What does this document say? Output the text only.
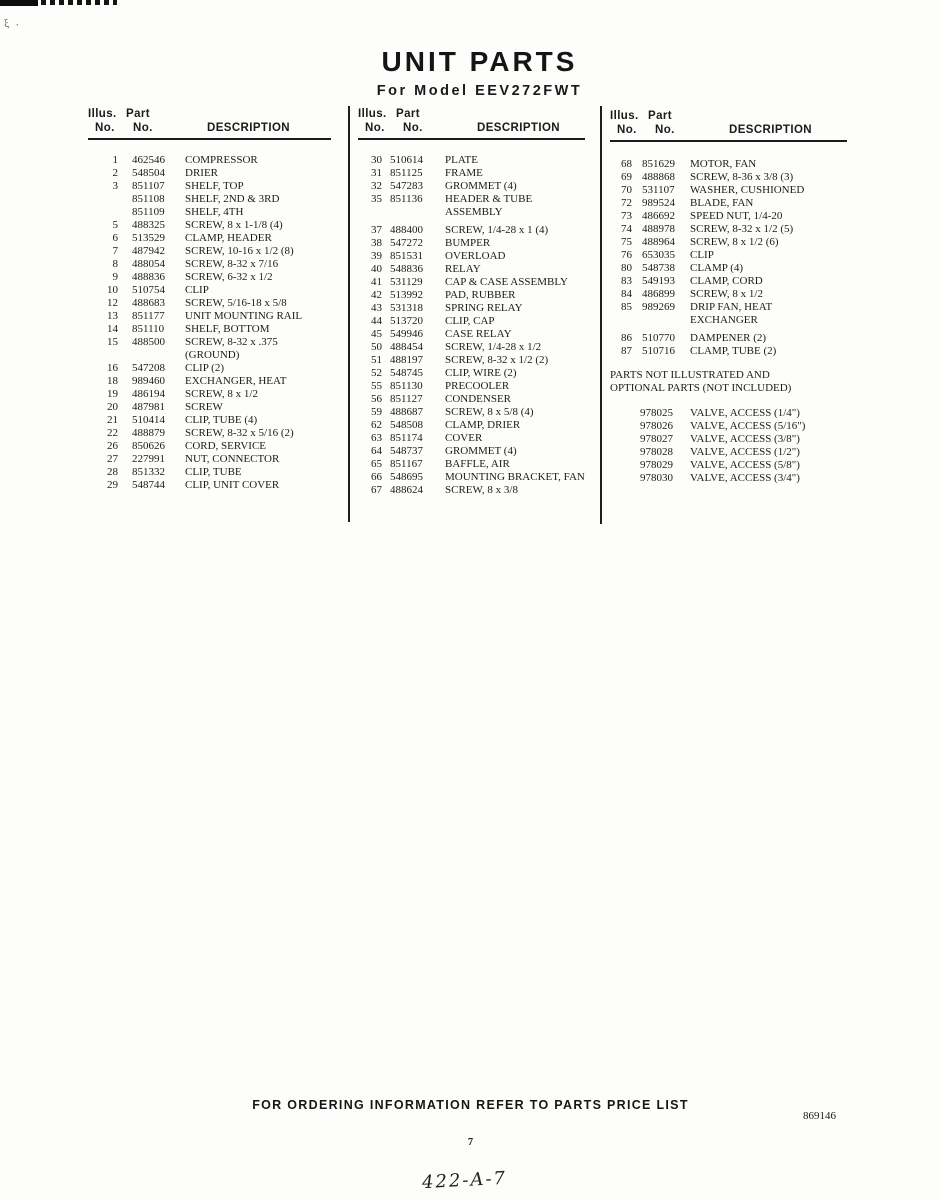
ξ .
UNIT PARTS
For Model EEV272FWT
Illus. Part
No.	No.	DESCRIPTION
1 462546	COMPRESSOR
2 548504	DRIER
3 851107	SHELF, TOP
851108	SHELF, 2ND & 3RD
851109	SHELF, 4TH
5 488325	SCREW, 8 x 1-1/8 (4)
6 513529	CLAMP, HEADER
7 487942	SCREW, 10-16 x 1/2 (8)
8 488054	SCREW, 8-32 x 7/16
9 488836	SCREW, 6-32 x 1/2
10 510754	CLIP
12 488683	SCREW, 5/16-18 x 5/8
13 851177	UNIT MOUNTING RAIL
14 851110	SHELF, BOTTOM
15 488500	SCREW, 8-32 x .375
(GROUND)
16 547208	CLIP (2)
18 989460	EXCHANGER, HEAT
19 486194	SCREW, 8 x 1/2
20 487981	SCREW
21 510414	CLIP, TUBE (4)
22 488879	SCREW, 8-32 x 5/16 (2)
26 850626	CORD, SERVICE
27 227991	NUT, CONNECTOR
28 851332	CLIP, TUBE
29 548744	CLIP, UNIT COVER
Illus. Part
No.	No.	DESCRIPTION
30 510614	PLATE
31 851125	FRAME
32 547283	GROMMET (4)
35 851136	HEADER & TUBE
ASSEMBLY
37 488400	SCREW, 1/4-28 x 1 (4)
38 547272	BUMPER
39 851531	OVERLOAD
40 548836	RELAY
41 531129	CAP & CASE ASSEMBLY
42 513992	PAD, RUBBER
43 531318	SPRING RELAY
44 513720	CLIP, CAP
45 549946	CASE RELAY
50 488454	SCREW, 1/4-28 x 1/2
51 488197	SCREW, 8-32 x 1/2 (2)
52 548745	CLIP, WIRE (2)
55 851130	PRECOOLER
56 851127	CONDENSER
59 488687	SCREW, 8 x 5/8 (4)
62 548508	CLAMP, DRIER
63 851174	COVER
64 548737	GROMMET (4)
65 851167	BAFFLE, AIR
66 548695	MOUNTING BRACKET, FAN
67 488624	SCREW, 8 x 3/8
Illus. Part
No.	No.	DESCRIPTION
68 851629	MOTOR, FAN
69 488868	SCREW, 8-36 x 3/8 (3)
70 531107	WASHER, CUSHIONED
72 989524	BLADE, FAN
73 486692	SPEED NUT, 1/4-20
74 488978	SCREW, 8-32 x 1/2 (5)
75 488964	SCREW, 8 x 1/2 (6)
76 653035	CLIP
80 548738	CLAMP (4)
83 549193	CLAMP, CORD
84 486899	SCREW, 8 x 1/2
85 989269	DRIP FAN, HEAT
EXCHANGER
86 510770	DAMPENER (2)
87 510716	CLAMP, TUBE (2)
PARTS NOT ILLUSTRATED AND
OPTIONAL PARTS (NOT INCLUDED)
978025	VALVE, ACCESS (1/4")
978026	VALVE, ACCESS (5/16")
978027	VALVE, ACCESS (3/8")
978028	VALVE, ACCESS (1/2")
978029	VALVE, ACCESS (5/8")
978030	VALVE, ACCESS (3/4")
FOR ORDERING INFORMATION REFER TO PARTS PRICE LIST
869146
7
422-A-7
